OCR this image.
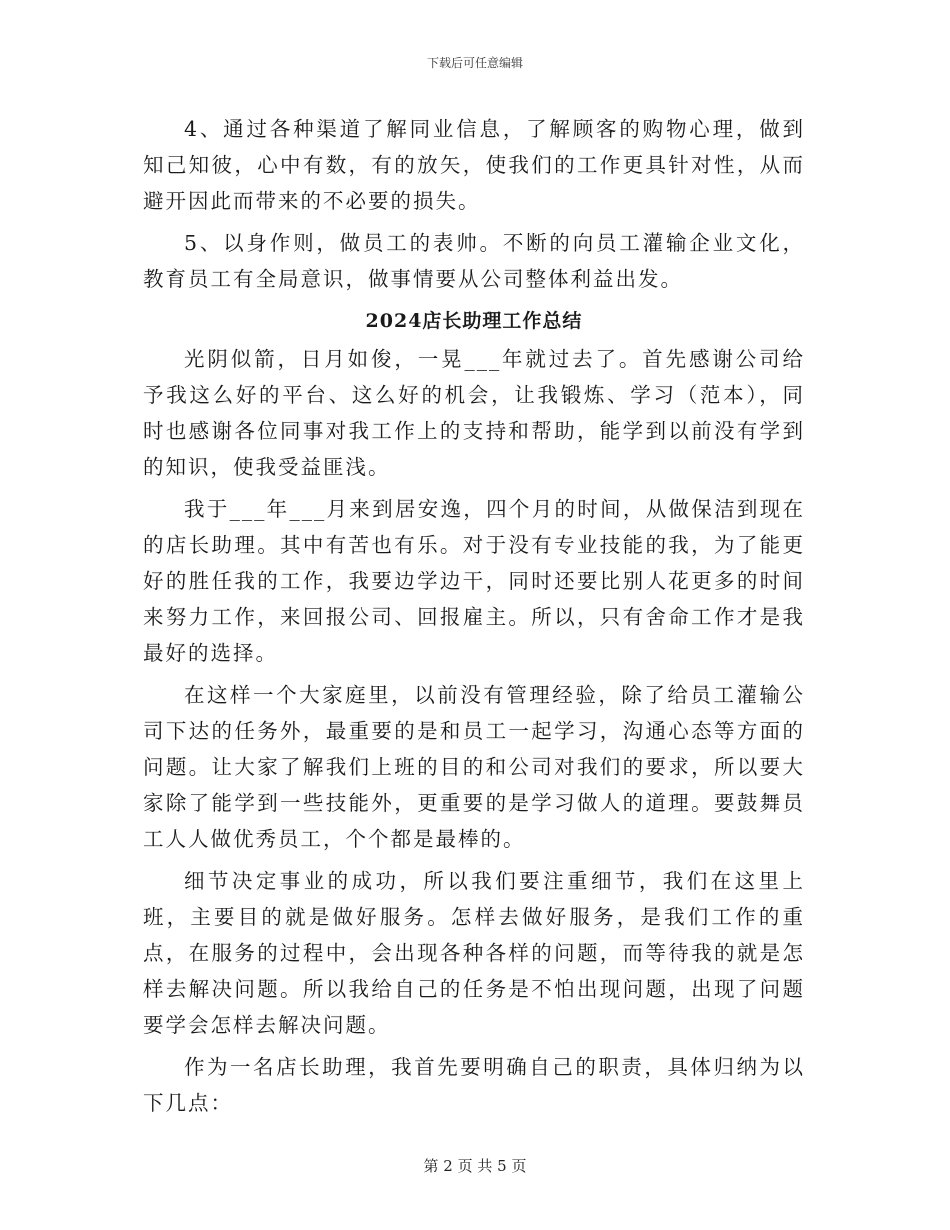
下载后可任意编辑

4、通过各种渠道了解同业信息，了解顾客的购物心理，做到知己知彼，心中有数，有的放矢，使我们的工作更具针对性，从而避开因此而带来的不必要的损失。

5、以身作则，做员工的表帅。不断的向员工灌输企业文化，教育员工有全局意识，做事情要从公司整体利益出发。

2024店长助理工作总结

光阴似箭，日月如俊，一晃___年就过去了。首先感谢公司给予我这么好的平台、这么好的机会，让我锻炼、学习（范本），同时也感谢各位同事对我工作上的支持和帮助，能学到以前没有学到的知识，使我受益匪浅。

我于___年___月来到居安逸，四个月的时间，从做保洁到现在的店长助理。其中有苦也有乐。对于没有专业技能的我，为了能更好的胜任我的工作，我要边学边干，同时还要比别人花更多的时间来努力工作，来回报公司、回报雇主。所以，只有舍命工作才是我最好的选择。

在这样一个大家庭里，以前没有管理经验，除了给员工灌输公司下达的任务外，最重要的是和员工一起学习，沟通心态等方面的问题。让大家了解我们上班的目的和公司对我们的要求，所以要大家除了能学到一些技能外，更重要的是学习做人的道理。要鼓舞员工人人做优秀员工，个个都是最棒的。

细节决定事业的成功，所以我们要注重细节，我们在这里上班，主要目的就是做好服务。怎样去做好服务，是我们工作的重点，在服务的过程中，会出现各种各样的问题，而等待我的就是怎样去解决问题。所以我给自己的任务是不怕出现问题，出现了问题要学会怎样去解决问题。

作为一名店长助理，我首先要明确自己的职责，具体归纳为以下几点：

第 2 页 共 5 页
